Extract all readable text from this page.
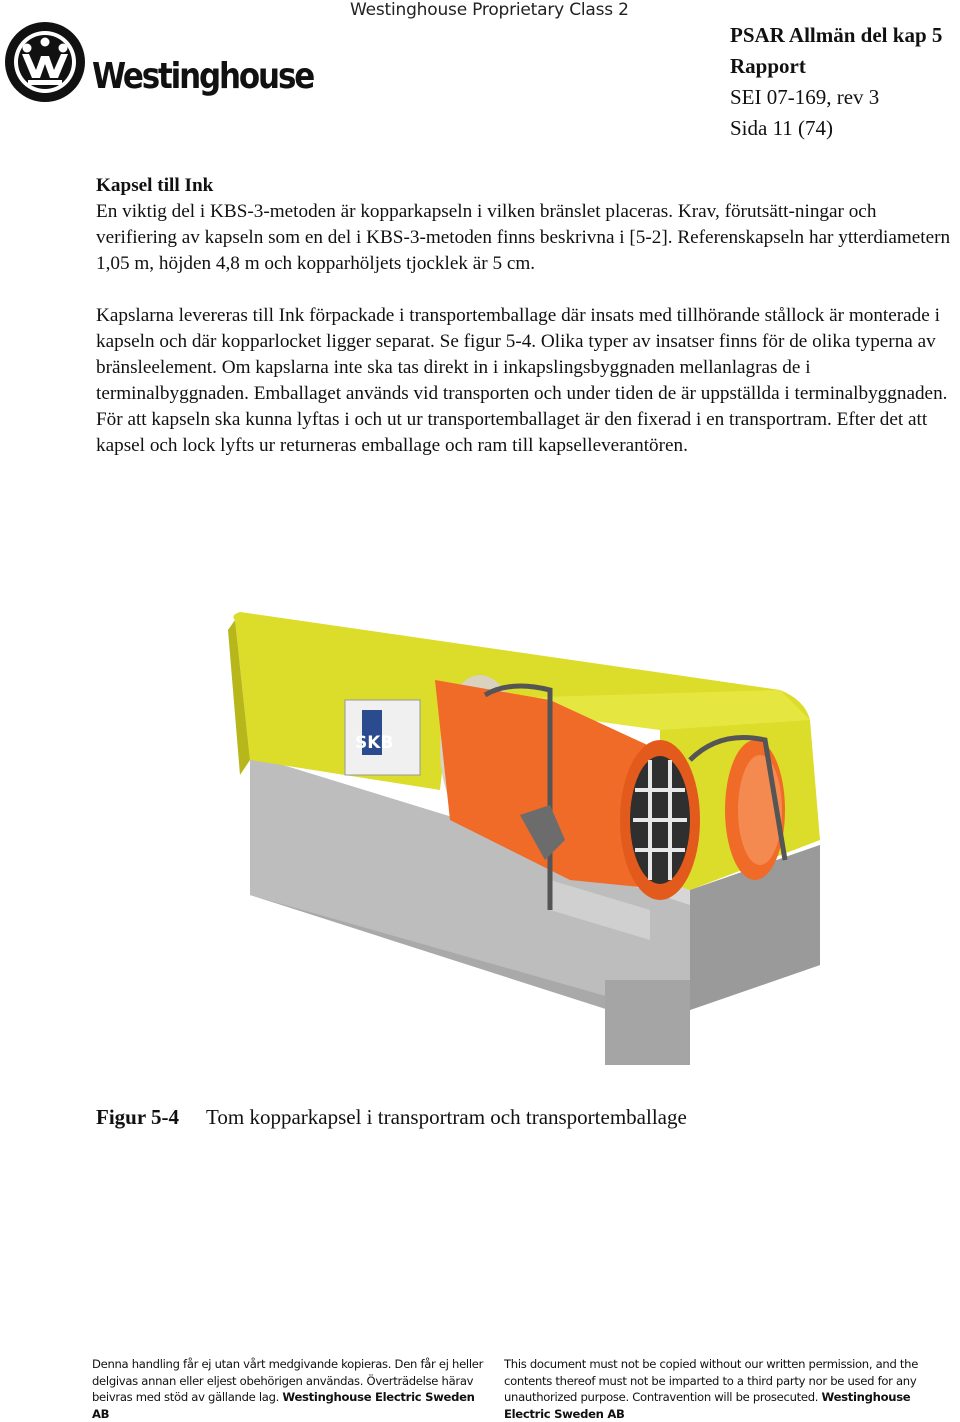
Westinghouse Proprietary Class 2
Westinghouse
PSAR Allmän del kap 5
Rapport
SEI 07-169, rev 3
Sida 11 (74)
Kapsel till Ink

En viktig del i KBS-3-metoden är kopparkapseln i vilken bränslet placeras. Krav, förutsätt-ningar och verifiering av kapseln som en del i KBS-3-metoden finns beskrivna i [5-2]. Referenskapseln har ytterdiametern 1,05 m, höjden 4,8 m och kopparhöljets tjocklek är 5 cm.

Kapslarna levereras till Ink förpackade i transportemballage där insats med tillhörande stållock är monterade i kapseln och där kopparlocket ligger separat. Se figur 5-4. Olika typer av insatser finns för de olika typerna av bränsleelement. Om kapslarna inte ska tas direkt in i inkapslingsbyggnaden mellanlagras de i terminalbyggnaden. Emballaget används vid transporten och under tiden de är uppställda i terminalbyggnaden. För att kapseln ska kunna lyftas i och ut ur transportemballaget är den fixerad i en transportram. Efter det att kapsel och lock lyfts ur returneras emballage och ram till kapselleverantören.

SKB
Figur 5-4 Tom kopparkapsel i transportram och transportemballage
Denna handling får ej utan vårt medgivande kopieras. Den får ej heller delgivas annan eller eljest obehörigen användas. Överträdelse härav beivras med stöd av gällande lag. Westinghouse Electric Sweden AB
This document must not be copied without our written permission, and the contents thereof must not be imparted to a third party nor be used for any unauthorized purpose. Contravention will be prosecuted. Westinghouse Electric Sweden AB
